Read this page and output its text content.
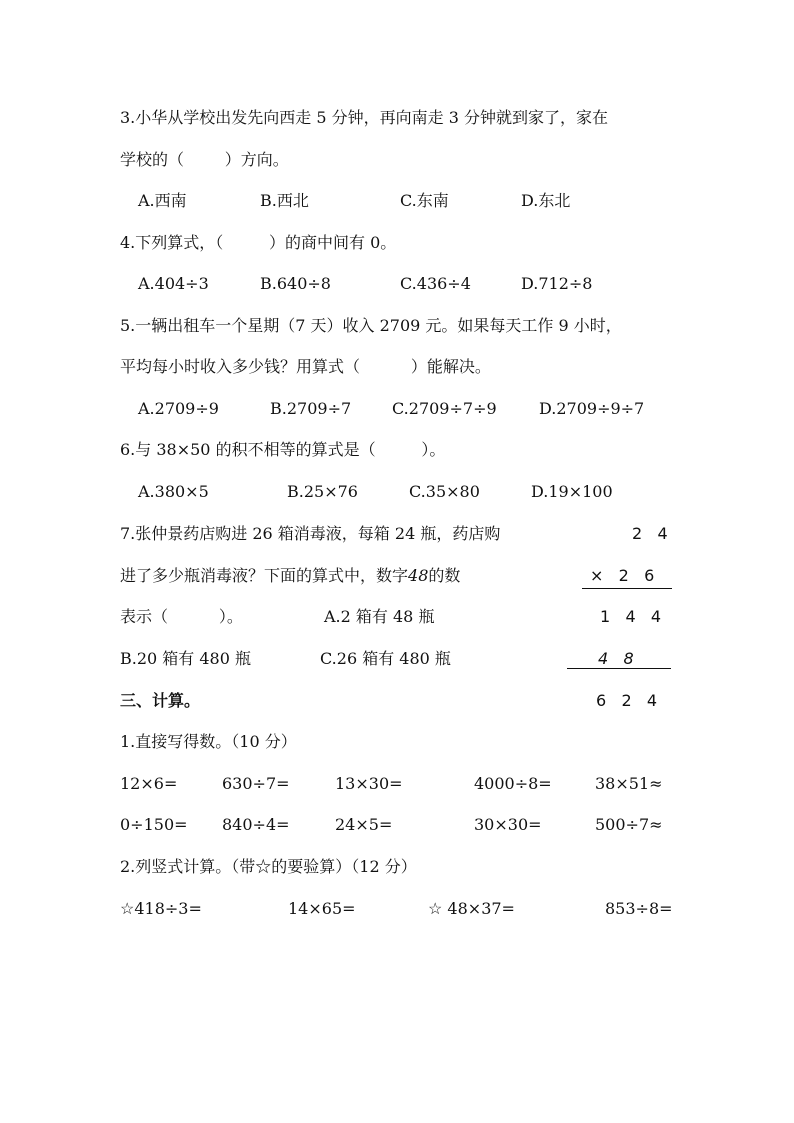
3.小华从学校出发先向西走 5 分钟，再向南走 3 分钟就到家了，家在
学校的（        ）方向。
A.西南	B.西北	C.东南	D.东北
4.下列算式，（         ）的商中间有 0。
A.404÷3	B.640÷8	C.436÷4	D.712÷8
5.一辆出租车一个星期（7 天）收入 2709 元。如果每天工作 9 小时，
平均每小时收入多少钱？用算式（          ）能解决。
A.2709÷9	B.2709÷7	C.2709÷7÷9	D.2709÷9÷7
6.与 38×50 的积不相等的算式是（         ）。
A.380×5	B.25×76	C.35×80	D.19×100
7.张仲景药店购进 26 箱消毒液，每箱 24 瓶，药店购
进了多少瓶消毒液？下面的算式中，数字48的数
表示（          ）。	A.2 箱有 48 瓶
B.20 箱有 480 瓶	C.26 箱有 480 瓶
2   4
×   2   6
1   4   4
4   8
6   2   4
三、计算。
1.直接写得数。（10 分）
12×6=	630÷7=	13×30=	4000÷8=	38×51≈
0÷150= 840÷4=	24×5=	30×30=	500÷7≈
2.列竖式计算。（带☆的要验算）（12 分）
☆418÷3=	14×65=	☆ 48×37=	853÷8=
